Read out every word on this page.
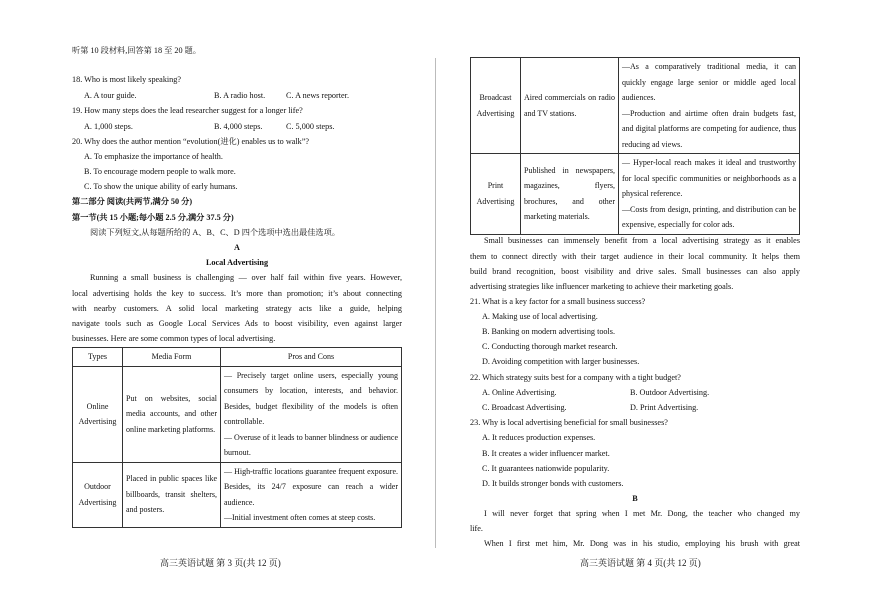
听第 10 段材料,回答第 18 至 20 题。
18. Who is most likely speaking?
A. A tour guide.	B. A radio host.	C. A news reporter.
19. How many steps does the lead researcher suggest for a longer life?
A. 1,000 steps.	B. 4,000 steps.	C. 5,000 steps.
20. Why does the author mention “evolution(进化) enables us to walk”?
A. To emphasize the importance of health.
B. To encourage modern people to walk more.
C. To show the unique ability of early humans.
第二部分 阅读(共两节,满分 50 分)
第一节(共 15 小题;每小题 2.5 分,满分 37.5 分)
阅读下列短文,从每题所给的 A、B、C、D 四个选项中选出最佳选项。
A
Local Advertising
Running a small business is challenging — over half fail within five years. However,
local advertising holds the key to success. It’s more than promotion; it’s about connecting
with nearby customers. A solid local marketing strategy acts like a guide, helping
navigate tools such as Google Local Services Ads to boost visibility, even against larger
businesses. Here are some common types of local advertising.
Types	Media Form	Pros and Cons
Online Advertising	Put on websites, social media accounts, and other online marketing platforms.	— Precisely target online users, especially young consumers by location, interests, and behavior. Besides, budget flexibility of the models is often controllable.
— Overuse of it leads to banner blindness or audience burnout.

Outdoor Advertising	Placed in public spaces like billboards, transit shelters, and posters.	— High-traffic locations guarantee frequent exposure. Besides, its 24/7 exposure can reach a wider audience.
—Initial investment often comes at steep costs.
高三英语试题 第 3 页(共 12 页)
Broadcast Advertising	Aired commercials on radio and TV stations.	—As a comparatively traditional media, it can quickly engage large senior or middle aged local audiences.
—Production and airtime often drain budgets fast, and digital platforms are competing for audience, thus reducing ad views.

Print Advertising	Published in newspapers, magazines, flyers, brochures, and other marketing materials.	— Hyper-local reach makes it ideal and trustworthy for local specific communities or neighborhoods as a physical reference.
—Costs from design, printing, and distribution can be expensive, especially for color ads.
Small businesses can immensely benefit from a local advertising strategy as it enables
them to connect directly with their target audience in their local community. It helps them
build brand recognition, boost visibility and drive sales. Small businesses can also apply
advertising strategies like influencer marketing to achieve their marketing goals.
21. What is a key factor for a small business success?
A. Making use of local advertising.
B. Banking on modern advertising tools.
C. Conducting thorough market research.
D. Avoiding competition with larger businesses.
22. Which strategy suits best for a company with a tight budget?
A. Online Advertising.	B. Outdoor Advertising.
C. Broadcast Advertising.	D. Print Advertising.
23. Why is local advertising beneficial for small businesses?
A. It reduces production expenses.
B. It creates a wider influencer market.
C. It guarantees nationwide popularity.
D. It builds stronger bonds with customers.
B
I will never forget that spring when I met Mr. Dong, the teacher who changed my
life.
When I first met him, Mr. Dong was in his studio, employing his brush with great
高三英语试题 第 4 页(共 12 页)
